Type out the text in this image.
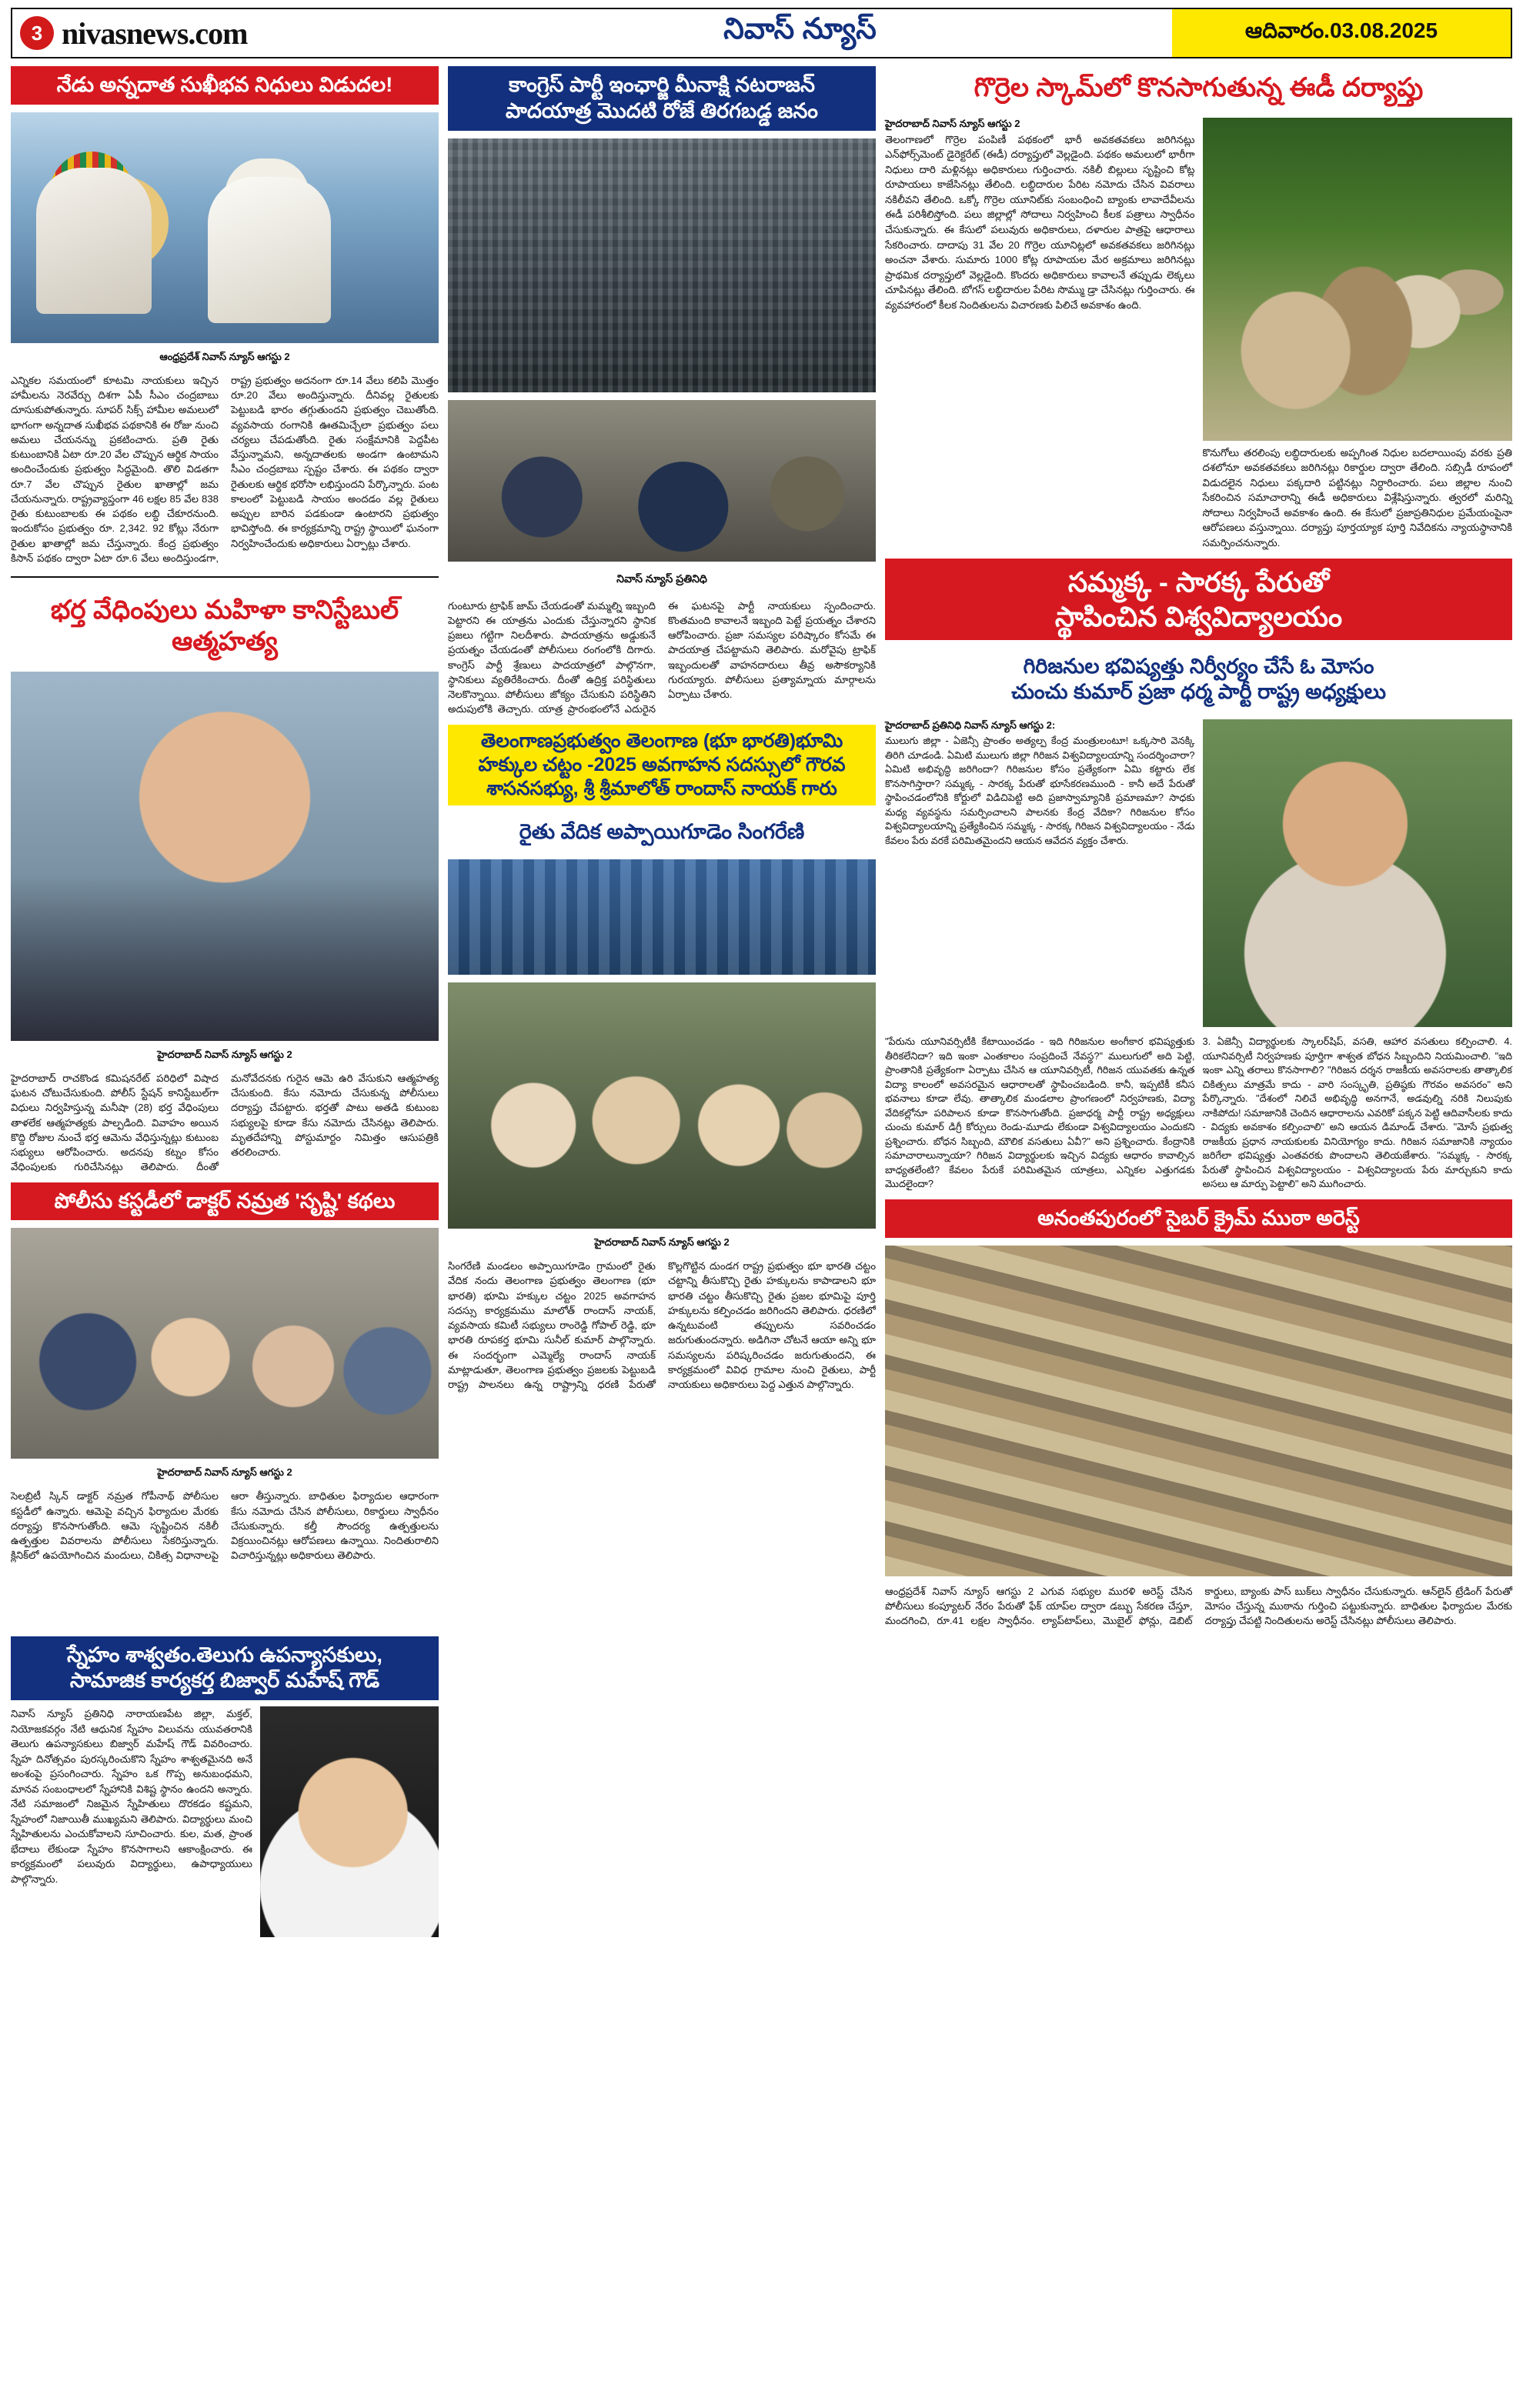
3 nivasnews.com	నివాస్ న్యూస్	ఆదివారం.03.08.2025
నేడు అన్నదాత సుఖీభవ నిధులు విడుదల!
ఆంధ్రప్రదేశ్ నివాస్ న్యూస్ ఆగస్టు 2
ఎన్నికల సమయంలో కూటమి నాయకులు ఇచ్చిన హామీలను నెరవేర్చు దిశగా ఏపీ సీఎం చంద్రబాబు దూసుకుపోతున్నారు. సూపర్ సిక్స్ హామీల అమలులో భాగంగా అన్నదాత సుఖీభవ పథకానికి ఈ రోజు నుంచి అమలు చేయనన్ను ప్రకటించారు. ప్రతి రైతు కుటుంబానికి ఏటా రూ.20 వేల చొప్పున ఆర్థిక సాయం అందించేందుకు ప్రభుత్వం సిద్ధమైంది. తొలి విడతగా రూ.7 వేల చొప్పున రైతుల ఖాతాల్లో జమ చేయనున్నారు. రాష్ట్రవ్యాప్తంగా 46 లక్షల 85 వేల 838 రైతు కుటుంబాలకు ఈ పథకం లబ్ధి చేకూరనుంది. ఇందుకోసం ప్రభుత్వం రూ. 2,342. 92 కోట్లు నేరుగా రైతుల ఖాతాల్లో జమ చేస్తున్నారు. కేంద్ర ప్రభుత్వం కిసాన్ పథకం ద్వారా ఏటా రూ.6 వేలు అందిస్తుండగా, రాష్ట్ర ప్రభుత్వం అదనంగా రూ.14 వేలు కలిపి మొత్తం రూ.20 వేలు అందిస్తున్నారు. దీనివల్ల రైతులకు పెట్టుబడి భారం తగ్గుతుందని ప్రభుత్వం చెబుతోంది. వ్యవసాయ రంగానికి ఊతమిచ్చేలా ప్రభుత్వం పలు చర్యలు చేపడుతోంది. రైతు సంక్షేమానికి పెద్దపీట వేస్తున్నామని, అన్నదాతలకు అండగా ఉంటామని సీఎం చంద్రబాబు స్పష్టం చేశారు. ఈ పథకం ద్వారా రైతులకు ఆర్థిక భరోసా లభిస్తుందని పేర్కొన్నారు. పంట కాలంలో పెట్టుబడి సాయం అందడం వల్ల రైతులు అప్పుల బారిన పడకుండా ఉంటారని ప్రభుత్వం భావిస్తోంది. ఈ కార్యక్రమాన్ని రాష్ట్ర స్థాయిలో ఘనంగా నిర్వహించేందుకు అధికారులు ఏర్పాట్లు చేశారు.
భర్త వేధింపులు మహిళా కానిస్టేబుల్ ఆత్మహత్య
హైదరాబాద్ నివాస్ న్యూస్ ఆగస్టు 2
హైదరాబాద్ రాచకొండ కమిషనరేట్ పరిధిలో విషాద ఘటన చోటుచేసుకుంది. పోలీస్ స్టేషన్ కానిస్టేబుల్‌గా విధులు నిర్వహిస్తున్న మనీషా (28) భర్త వేధింపులు తాళలేక ఆత్మహత్యకు పాల్పడింది. వివాహం అయిన కొద్ది రోజుల నుంచే భర్త ఆమెను వేధిస్తున్నట్లు కుటుంబ సభ్యులు ఆరోపించారు. అదనపు కట్నం కోసం వేధింపులకు గురిచేసినట్లు తెలిపారు. దీంతో మనోవేదనకు గురైన ఆమె ఉరి వేసుకుని ఆత్మహత్య చేసుకుంది. కేసు నమోదు చేసుకున్న పోలీసులు దర్యాప్తు చేపట్టారు. భర్తతో పాటు అతడి కుటుంబ సభ్యులపై కూడా కేసు నమోదు చేసినట్లు తెలిపారు. మృతదేహాన్ని పోస్టుమార్టం నిమిత్తం ఆసుపత్రికి తరలించారు.
పోలీసు కస్టడీలో డాక్టర్ నమ్రత 'సృష్టి' కథలు
హైదరాబాద్ నివాస్ న్యూస్ ఆగస్టు 2
సెలబ్రిటీ స్కిన్ డాక్టర్ నమ్రత గోపీనాథ్ పోలీసుల కస్టడీలో ఉన్నారు. ఆమెపై వచ్చిన ఫిర్యాదుల మేరకు దర్యాప్తు కొనసాగుతోంది. ఆమె సృష్టించిన నకిలీ ఉత్పత్తుల వివరాలను పోలీసులు సేకరిస్తున్నారు. క్లినిక్‌లో ఉపయోగించిన మందులు, చికిత్స విధానాలపై ఆరా తీస్తున్నారు. బాధితుల ఫిర్యాదుల ఆధారంగా కేసు నమోదు చేసిన పోలీసులు, రికార్డులు స్వాధీనం చేసుకున్నారు. కల్తీ సౌందర్య ఉత్పత్తులను విక్రయించినట్లు ఆరోపణలు ఉన్నాయి. నిందితురాలిని విచారిస్తున్నట్లు అధికారులు తెలిపారు.
కాంగ్రెస్ పార్టీ ఇంఛార్జి మీనాక్షి నటరాజన్
పాదయాత్ర మొదటి రోజే తిరగబడ్డ జనం
నివాస్ న్యూస్ ప్రతినిధి
గుంటూరు ట్రాఫిక్ జామ్ చేయడంతో మమ్మల్ని ఇబ్బంది పెట్టారని ఈ యాత్రను ఎందుకు చేస్తున్నారని స్థానిక ప్రజలు గట్టిగా నిలదీశారు. పాదయాత్రను అడ్డుకునే ప్రయత్నం చేయడంతో పోలీసులు రంగంలోకి దిగారు. కాంగ్రెస్ పార్టీ శ్రేణులు పాదయాత్రలో పాల్గొనగా, స్థానికులు వ్యతిరేకించారు. దీంతో ఉద్రిక్త పరిస్థితులు నెలకొన్నాయి. పోలీసులు జోక్యం చేసుకుని పరిస్థితిని అదుపులోకి తెచ్చారు. యాత్ర ప్రారంభంలోనే ఎదురైన ఈ ఘటనపై పార్టీ నాయకులు స్పందించారు. కొంతమంది కావాలనే ఇబ్బంది పెట్టే ప్రయత్నం చేశారని ఆరోపించారు. ప్రజా సమస్యల పరిష్కారం కోసమే ఈ పాదయాత్ర చేపట్టామని తెలిపారు. మరోవైపు ట్రాఫిక్ ఇబ్బందులతో వాహనదారులు తీవ్ర అసౌకర్యానికి గురయ్యారు. పోలీసులు ప్రత్యామ్నాయ మార్గాలను ఏర్పాటు చేశారు.
తెలంగాణప్రభుత్వం తెలంగాణ (భూ భారతి)భూమి
హక్కుల చట్టం -2025 అవగాహన సదస్సులో గౌరవ
శాసనసభ్యు, శ్రీ శ్రీమాలోత్ రాందాస్ నాయక్ గారు
రైతు వేదిక అప్పాయిగూడెం సింగరేణి
హైదరాబాద్ నివాస్ న్యూస్ ఆగస్టు 2
సింగరేణి మండలం అప్పాయిగూడెం గ్రామంలో రైతు వేదిక నందు తెలంగాణ ప్రభుత్వం తెలంగాణ (భూ భారతి) భూమి హక్కుల చట్టం 2025 అవగాహన సదస్సు కార్యక్రమము మాలోత్ రాందాస్ నాయక్, వ్యవసాయ కమిటీ సభ్యులు రాంరెడ్డి గోపాల్ రెడ్డి, భూ భారతి రూపకర్త భూమి సునీల్ కుమార్ పాల్గొన్నారు. ఈ సందర్భంగా ఎమ్మెల్యే రాందాస్ నాయక్ మాట్లాడుతూ, తెలంగాణ ప్రభుత్వం ప్రజలకు పెట్టుబడి రాష్ట్ర పాలనలు ఉన్న రాష్ట్రాన్ని ధరణి పేరుతో కొల్లగొట్టిన దుండగ రాష్ట్ర ప్రభుత్వం భూ భారతి చట్టం చట్టాన్ని తీసుకొచ్చి రైతు హక్కులను కాపాడాలని భూ భారతి చట్టం తీసుకొచ్చి రైతు ప్రజల భూమిపై పూర్తి హక్కులను కల్పించడం జరిగిందని తెలిపారు. ధరణిలో ఉన్నటువంటి తప్పులను సవరించడం జరుగుతుందన్నారు. అడిగినా చోటనే ఆయా అన్ని భూ సమస్యలను పరిష్కరించడం జరుగుతుందని, ఈ కార్యక్రమంలో వివిధ గ్రామాల నుంచి రైతులు, పార్టీ నాయకులు అధికారులు పెద్ద ఎత్తున పాల్గొన్నారు.
గొర్రెల స్కామ్‌లో కొనసాగుతున్న ఈడీ దర్యాప్తు
హైదరాబాద్ నివాస్ న్యూస్ ఆగస్టు 2
తెలంగాణలో గొర్రెల పంపిణీ పథకంలో భారీ అవకతవకలు జరిగినట్లు ఎన్‌ఫోర్స్‌మెంట్ డైరెక్టరేట్ (ఈడీ) దర్యాప్తులో వెల్లడైంది. పథకం అమలులో భారీగా నిధులు దారి మళ్లినట్లు అధికారులు గుర్తించారు. నకిలీ బిల్లులు సృష్టించి కోట్ల రూపాయలు కాజేసినట్లు తేలింది. లబ్ధిదారుల పేరిట నమోదు చేసిన వివరాలు నకిలీవని తేలింది. ఒక్కో గొర్రెల యూనిట్‌కు సంబంధించి బ్యాంకు లావాదేవీలను ఈడీ పరిశీలిస్తోంది. పలు జిల్లాల్లో సోదాలు నిర్వహించి కీలక పత్రాలు స్వాధీనం చేసుకున్నారు. ఈ కేసులో పలువురు అధికారులు, దళారుల పాత్రపై ఆధారాలు సేకరించారు. దాదాపు 31 వేల 20 గొర్రెల యూనిట్లలో అవకతవకలు జరిగినట్లు అంచనా వేశారు. సుమారు 1000 కోట్ల రూపాయల మేర అక్రమాలు జరిగినట్లు ప్రాథమిక దర్యాప్తులో వెల్లడైంది. కొందరు అధికారులు కావాలనే తప్పుడు లెక్కలు చూపినట్లు తేలింది. బోగస్ లబ్ధిదారుల పేరిట సొమ్ము డ్రా చేసినట్లు గుర్తించారు. ఈ వ్యవహారంలో కీలక నిందితులను విచారణకు పిలిచే అవకాశం ఉంది.
కొనుగోలు తరలింపు లబ్ధిదారులకు అప్పగింత నిధుల బదలాయింపు వరకు ప్రతి దశలోనూ అవకతవకలు జరిగినట్లు రికార్డుల ద్వారా తేలింది. సబ్సిడీ రూపంలో విడుదలైన నిధులు పక్కదారి పట్టినట్లు నిర్ధారించారు. పలు జిల్లాల నుంచి సేకరించిన సమాచారాన్ని ఈడీ అధికారులు విశ్లేషిస్తున్నారు. త్వరలో మరిన్ని సోదాలు నిర్వహించే అవకాశం ఉంది. ఈ కేసులో ప్రజాప్రతినిధుల ప్రమేయంపైనా ఆరోపణలు వస్తున్నాయి. దర్యాప్తు పూర్తయ్యాక పూర్తి నివేదికను న్యాయస్థానానికి సమర్పించనున్నారు.
సమ్మక్క - సారక్క పేరుతో
స్థాపించిన విశ్వవిద్యాలయం
గిరిజనుల భవిష్యత్తు నిర్వీర్యం చేసే ఓ మోసం
చుంచు కుమార్ ప్రజా ధర్మ పార్టీ రాష్ట్ర అధ్యక్షులు
హైదరాబాద్ ప్రతినిధి నివాస్ న్యూస్ ఆగస్టు 2:
ములుగు జిల్లా - ఏజెన్సీ ప్రాంతం అత్యల్ప కేంద్ర మంత్రులంటూ! ఒక్కసారి వెనక్కి తిరిగి చూడండి. ఏమిటి ములుగు జిల్లా గిరిజన విశ్వవిద్యాలయాన్ని సందర్శించారా? ఏమిటి అభివృద్ధి జరిగిందా? గిరిజనుల కోసం ప్రత్యేకంగా ఏమి కట్టారు లేక కొనసాగిస్తారా? సమ్మక్క - సారక్క పేరుతో భూసేకరణముంది - కానీ అదే పేరుతో స్థాపించడంలోనికి కోర్టులో విడిచిపెట్టి అది ప్రజాస్వామ్యానికి ప్రమాణమా? సాధకు మధ్య వ్యవస్థను సమర్పించాలని పాలనకు కేంద్ర వేదికా? గిరిజనుల కోసం విశ్వవిద్యాలయాన్ని ప్రత్యేకించిన సమ్మక్క - సారక్క గిరిజన విశ్వవిద్యాలయం - నేడు కేవలం పేరు వరకే పరిమితమైందని ఆయన ఆవేదన వ్యక్తం చేశారు.
"పేరును యూనివర్సిటీకి కేటాయించడం - ఇది గిరిజనుల అంగీకార భవిష్యత్తుకు తీరికలేనిదా? ఇది ఇంకా ఎంతకాలం సంప్రదించే నేవస్థ?" ములుగులో అది పెట్టి, ప్రాంతానికి ప్రత్యేకంగా ఏర్పాటు చేసిన ఆ యూనివర్సిటీ, గిరిజన యువతకు ఉన్నత విద్యా కాలంలో అవసరమైన ఆధారాలతో స్థాపించబడింది. కానీ, ఇప్పటికీ కనీస భవనాలు కూడా లేవు. తాత్కాలిక మండలాల ప్రాంగణంలో నిర్వహణకు, విద్యా వేదికల్లోనూ పరిపాలన కూడా కొనసాగుతోంది. ప్రజాధర్మ పార్టీ రాష్ట్ర అధ్యక్షులు చుంచు కుమార్ డిగ్రీ కోర్సులు రెండు-మూడు లేకుండా విశ్వవిద్యాలయం ఎందుకని ప్రశ్నించారు. బోధన సిబ్బంది, మౌలిక వసతులు ఏవీ?" అని ప్రశ్నించారు. కేంద్రానికి సమాచారాలున్నాయా? గిరిజన విద్యార్థులకు ఇచ్చిన విద్యకు ఆధారం కావాల్సిన బాధ్యతలేంటి? కేవలం పేరుకే పరిమితమైన యాత్రలు, ఎన్నికల ఎత్తుగడకు మొదలైందా?
3. ఏజెన్సీ విద్యార్థులకు స్కాలర్‌షిప్, వసతి, ఆహార వసతులు కల్పించాలి. 4. యూనివర్సిటీ నిర్వహణకు పూర్తిగా శాశ్వత బోధన సిబ్బందిని నియమించాలి. "ఇది ఇంకా ఎన్ని తరాలు కొనసాగాలి? "గిరిజన దర్శన రాజకీయ అవసరాలకు తాత్కాలిక చికిత్సలు మాత్రమే కాదు - వారి సంస్కృతి, ప్రతిష్ఠకు గౌరవం అవసరం" అని పేర్కొన్నారు. "దేశంలో నిలిచే అభివృద్ధి అనగానే, అడవుల్ని నరికి నిలుపుకు నాకిపోదు! సమాజానికి చెందిన ఆధారాలను ఎవరికో పక్కన పెట్టి ఆదివాసీలకు కాదు - విద్యకు అవకాశం కల్పించాలి" అని ఆయన డిమాండ్ చేశారు. "మోసే ప్రభుత్వ రాజకీయ ప్రధాన నాయకులకు వినియోగ్యం కాదు. గిరిజన సమాజానికి న్యాయం జరిగేలా భవిష్యత్తు ఎంతవరకు పొందాలని తెలియజేశారు. "సమ్మక్క - సారక్క పేరుతో స్థాపించిన విశ్వవిద్యాలయం - విశ్వవిద్యాలయ పేరు మార్చుకుని కాదు అసలు ఆ మార్పు పెట్టాలి" అని ముగించారు.
అనంతపురంలో సైబర్ క్రైమ్ ముఠా అరెస్ట్
ఆంధ్రప్రదేశ్ నివాస్ న్యూస్ ఆగస్టు 2 ఎగువ సభ్యుల మురళి అరెస్ట్ చేసిన పోలీసులు కంప్యూటర్ నేరం పేరుతో ఫేక్ యాప్‌ల ద్వారా డబ్బు సేకరణ చేస్తూ, మందగించి, రూ.41 లక్షల స్వాధీనం. ల్యాప్‌టాప్‌లు, మొబైల్ ఫోన్లు, డెబిట్ కార్డులు, బ్యాంకు పాస్ బుక్‌లు స్వాధీనం చేసుకున్నారు. ఆన్‌లైన్ ట్రేడింగ్ పేరుతో మోసం చేస్తున్న ముఠాను గుర్తించి పట్టుకున్నారు. బాధితుల ఫిర్యాదుల మేరకు దర్యాప్తు చేపట్టి నిందితులను అరెస్ట్ చేసినట్లు పోలీసులు తెలిపారు.
స్నేహం శాశ్వతం.తెలుగు ఉపన్యాసకులు,
సామాజిక కార్యకర్త బిజ్వార్ మహేష్ గౌడ్
నివాస్ న్యూస్ ప్రతినిధి నారాయణపేట జిల్లా, మక్తల్, నియోజకవర్గం నేటి ఆధునిక స్నేహం విలువను యువతరానికి తెలుగు ఉపన్యాసకులు బిజ్వార్ మహేష్ గౌడ్ వివరించారు. స్నేహ దినోత్సవం పురస్కరించుకొని స్నేహం శాశ్వతమైనది అనే అంశంపై ప్రసంగించారు. స్నేహం ఒక గొప్ప అనుబంధమని, మానవ సంబంధాలలో స్నేహానికి విశిష్ట స్థానం ఉందని అన్నారు. నేటి సమాజంలో నిజమైన స్నేహితులు దొరకడం కష్టమని, స్నేహంలో నిజాయితీ ముఖ్యమని తెలిపారు. విద్యార్థులు మంచి స్నేహితులను ఎంచుకోవాలని సూచించారు. కుల, మత, ప్రాంత భేదాలు లేకుండా స్నేహం కొనసాగాలని ఆకాంక్షించారు. ఈ కార్యక్రమంలో పలువురు విద్యార్థులు, ఉపాధ్యాయులు పాల్గొన్నారు.
